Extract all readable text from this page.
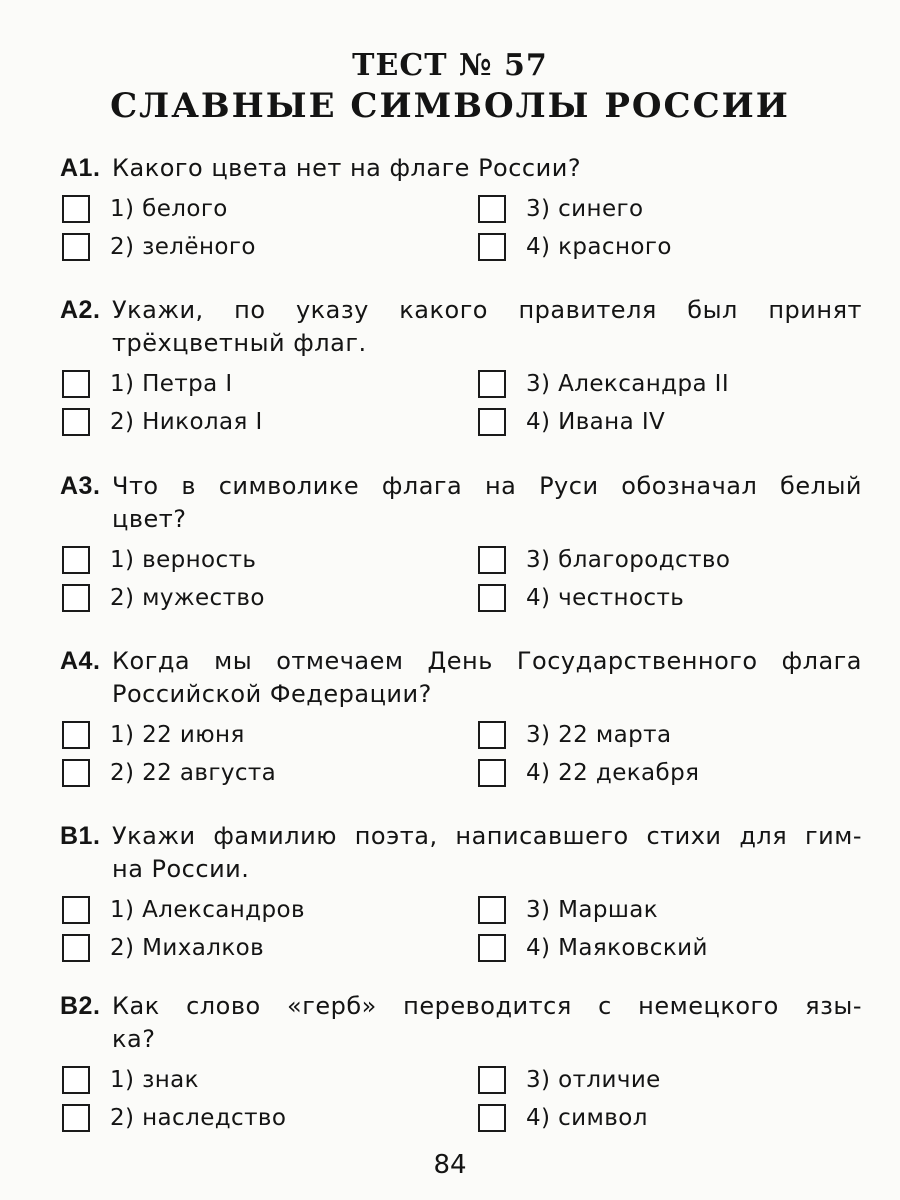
ТЕСТ № 57
СЛАВНЫЕ СИМВОЛЫ РОССИИ
А1. Какого цвета нет на флаге России?
1) белого
2) зелёного
3) синего
4) красного
А2. Укажи, по указу какого правителя был принят
трёхцветный флаг.
1) Петра I
2) Николая I
3) Александра II
4) Ивана IV
А3. Что в символике флага на Руси обозначал белый
цвет?
1) верность
2) мужество
3) благородство
4) честность
А4. Когда мы отмечаем День Государственного флага
Российской Федерации?
1) 22 июня
2) 22 августа
3) 22 марта
4) 22 декабря
В1. Укажи фамилию поэта, написавшего стихи для гим-
на России.
1) Александров
2) Михалков
3) Маршак
4) Маяковский
В2. Как слово «герб» переводится с немецкого язы-
ка?
1) знак
2) наследство
3) отличие
4) символ
84
